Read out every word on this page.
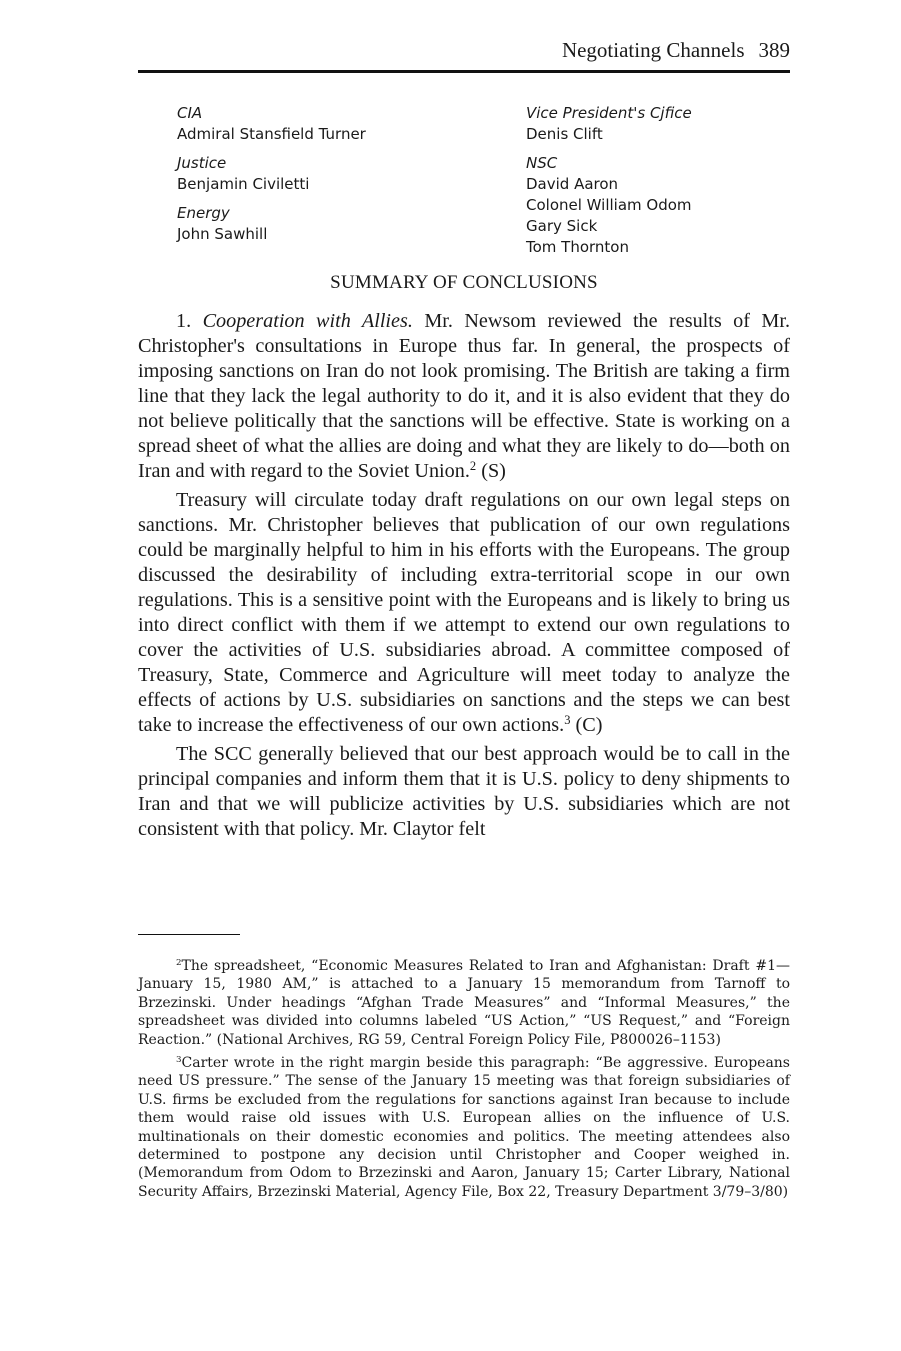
Negotiating Channels 389
CIA
Admiral Stansfield Turner
Justice
Benjamin Civiletti
Energy
John Sawhill
Vice President's Cjfice
Denis Clift
NSC
David Aaron
Colonel William Odom
Gary Sick
Tom Thornton
SUMMARY OF CONCLUSIONS

1. Cooperation with Allies. Mr. Newsom reviewed the results of Mr. Christopher's consultations in Europe thus far. In general, the prospects of imposing sanctions on Iran do not look promising. The British are taking a firm line that they lack the legal authority to do it, and it is also evident that they do not believe politically that the sanctions will be effective. State is working on a spread sheet of what the allies are doing and what they are likely to do—both on Iran and with regard to the Soviet Union.$^2$ (S)

Treasury will circulate today draft regulations on our own legal steps on sanctions. Mr. Christopher believes that publication of our own regulations could be marginally helpful to him in his efforts with the Europeans. The group discussed the desirability of including extra-territorial scope in our own regulations. This is a sensitive point with the Europeans and is likely to bring us into direct conflict with them if we attempt to extend our own regulations to cover the activities of U.S. subsidiaries abroad. A committee composed of Treasury, State, Commerce and Agriculture will meet today to analyze the effects of actions by U.S. subsidiaries on sanctions and the steps we can best take to increase the effectiveness of our own actions.$^3$ (C)

The SCC generally believed that our best approach would be to call in the principal companies and inform them that it is U.S. policy to deny shipments to Iran and that we will publicize activities by U.S. subsidiaries which are not consistent with that policy. Mr. Claytor felt

$^2$The spreadsheet, “Economic Measures Related to Iran and Afghanistan: Draft #1—January 15, 1980 AM,” is attached to a January 15 memorandum from Tarnoff to Brzezinski. Under headings “Afghan Trade Measures” and “Informal Measures,” the spreadsheet was divided into columns labeled “US Action,” “US Request,” and “Foreign Reaction.” (National Archives, RG 59, Central Foreign Policy File, P800026–1153)

$^3$Carter wrote in the right margin beside this paragraph: “Be aggressive. Europeans need US pressure.” The sense of the January 15 meeting was that foreign subsidiaries of U.S. firms be excluded from the regulations for sanctions against Iran because to include them would raise old issues with U.S. European allies on the influence of U.S. multinationals on their domestic economies and politics. The meeting attendees also determined to postpone any decision until Christopher and Cooper weighed in. (Memorandum from Odom to Brzezinski and Aaron, January 15; Carter Library, National Security Affairs, Brzezinski Material, Agency File, Box 22, Treasury Department 3/79–3/80)
